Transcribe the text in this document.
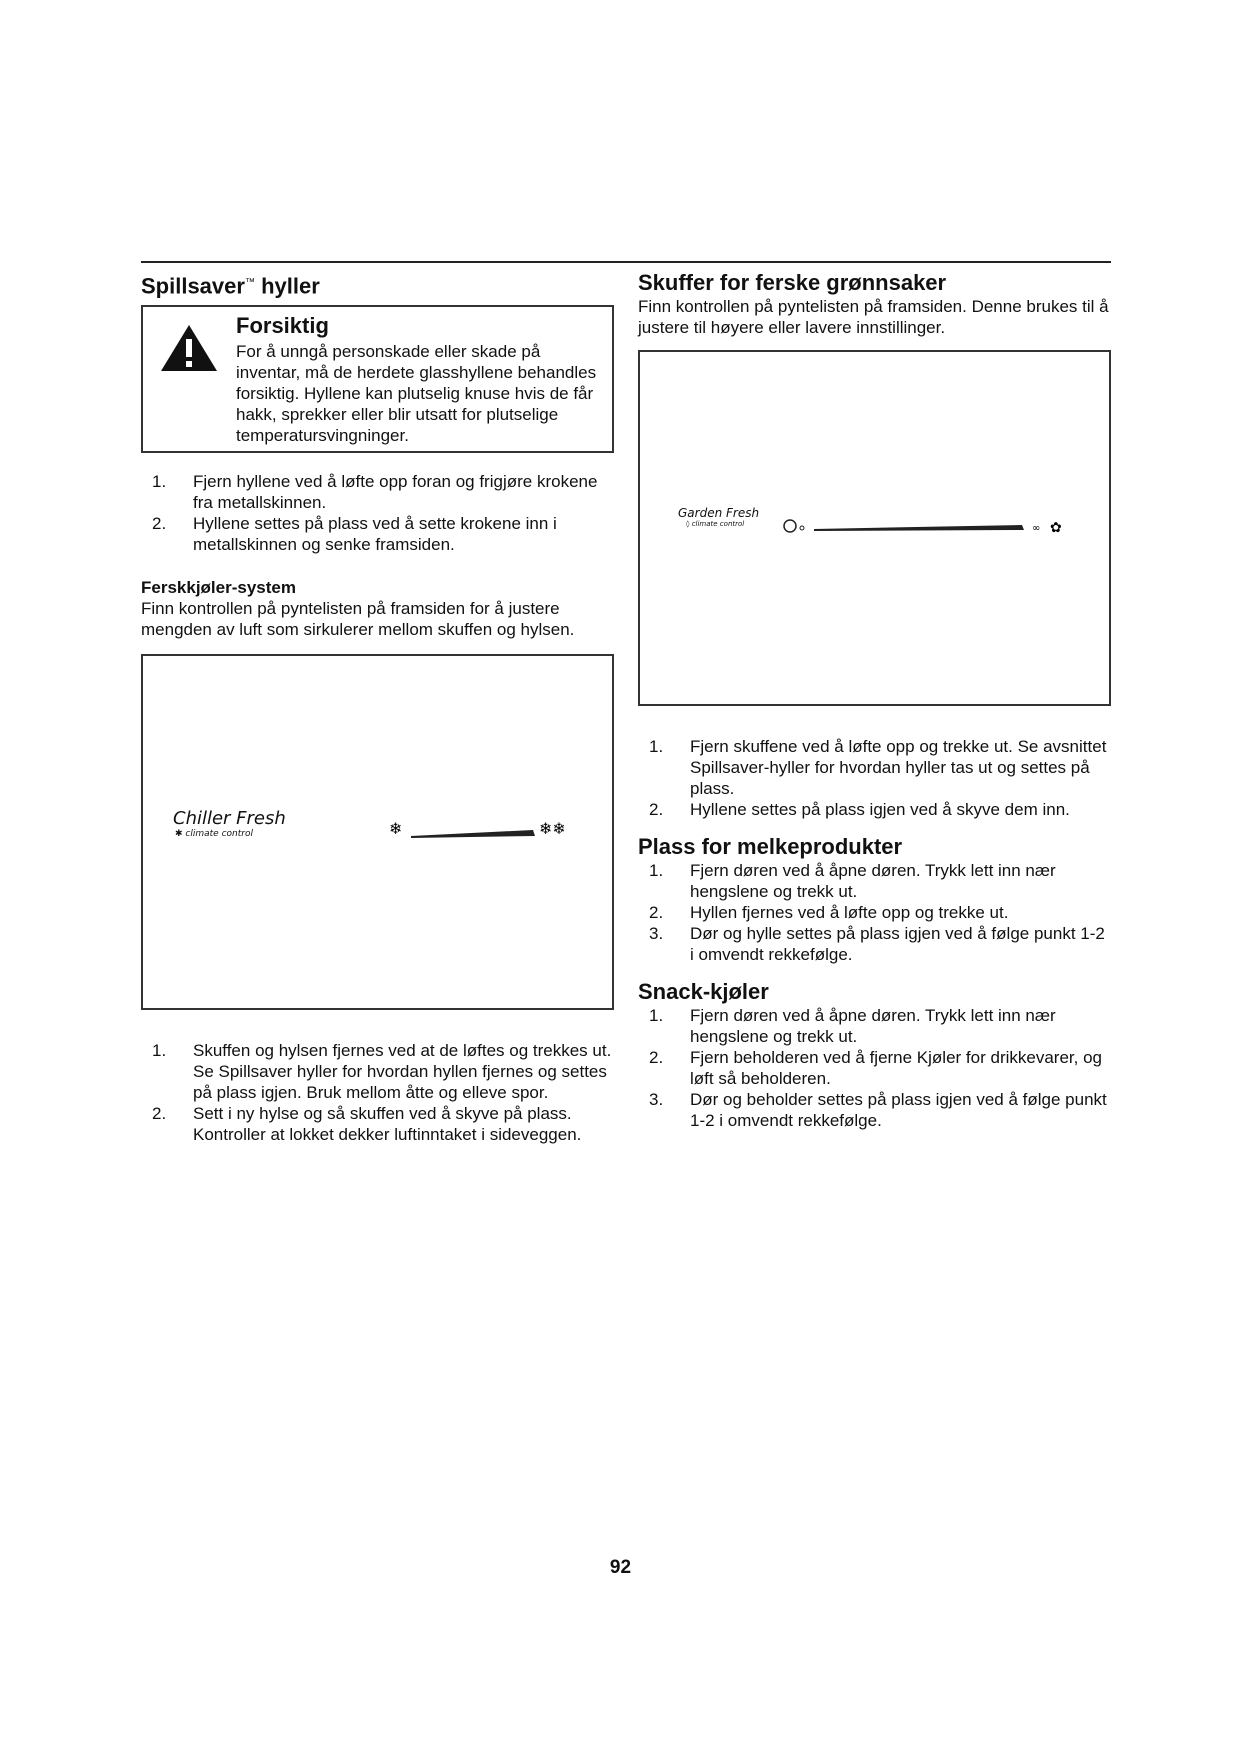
Spillsaver™ hyller
Forsiktig

For å unngå personskade eller skade på inventar, må de herdete glasshyllene behandles forsiktig. Hyllene kan plutselig knuse hvis de får hakk, sprekker eller blir utsatt for plutselige temperatursvingninger.

1. Fjern hyllene ved å løfte opp foran og frigjøre krokene fra metallskinnen.
2. Hyllene settes på plass ved å sette krokene inn i metallskinnen og senke framsiden.
Ferskkjøler-system

Finn kontrollen på pyntelisten på framsiden for å justere mengden av luft som sirkulerer mellom skuffen og hylsen.

Chiller Fresh
✱ climate control	❄	❄❄
1. Skuffen og hylsen fjernes ved at de løftes og trekkes ut. Se Spillsaver hyller for hvordan hyllen fjernes og settes på plass igjen. Bruk mellom åtte og elleve spor.
2. Sett i ny hylse og så skuffen ved å skyve på plass. Kontroller at lokket dekker luftinntaket i sideveggen.
Skuffer for ferske grønnsaker

Finn kontrollen på pyntelisten på framsiden. Denne brukes til å justere til høyere eller lavere innstillinger.

Garden Fresh
◊ climate control	∞ ✿
1. Fjern skuffene ved å løfte opp og trekke ut. Se avsnittet Spillsaver-hyller for hvordan hyller tas ut og settes på plass.
2. Hyllene settes på plass igjen ved å skyve dem inn.
Plass for melkeprodukter
1. Fjern døren ved å åpne døren. Trykk lett inn nær hengslene og trekk ut.
2. Hyllen fjernes ved å løfte opp og trekke ut.
3. Dør og hylle settes på plass igjen ved å følge punkt 1-2 i omvendt rekkefølge.
Snack-kjøler
1. Fjern døren ved å åpne døren. Trykk lett inn nær hengslene og trekk ut.
2. Fjern beholderen ved å fjerne Kjøler for drikkevarer, og løft så beholderen.
3. Dør og beholder settes på plass igjen ved å følge punkt 1-2 i omvendt rekkefølge.
92
